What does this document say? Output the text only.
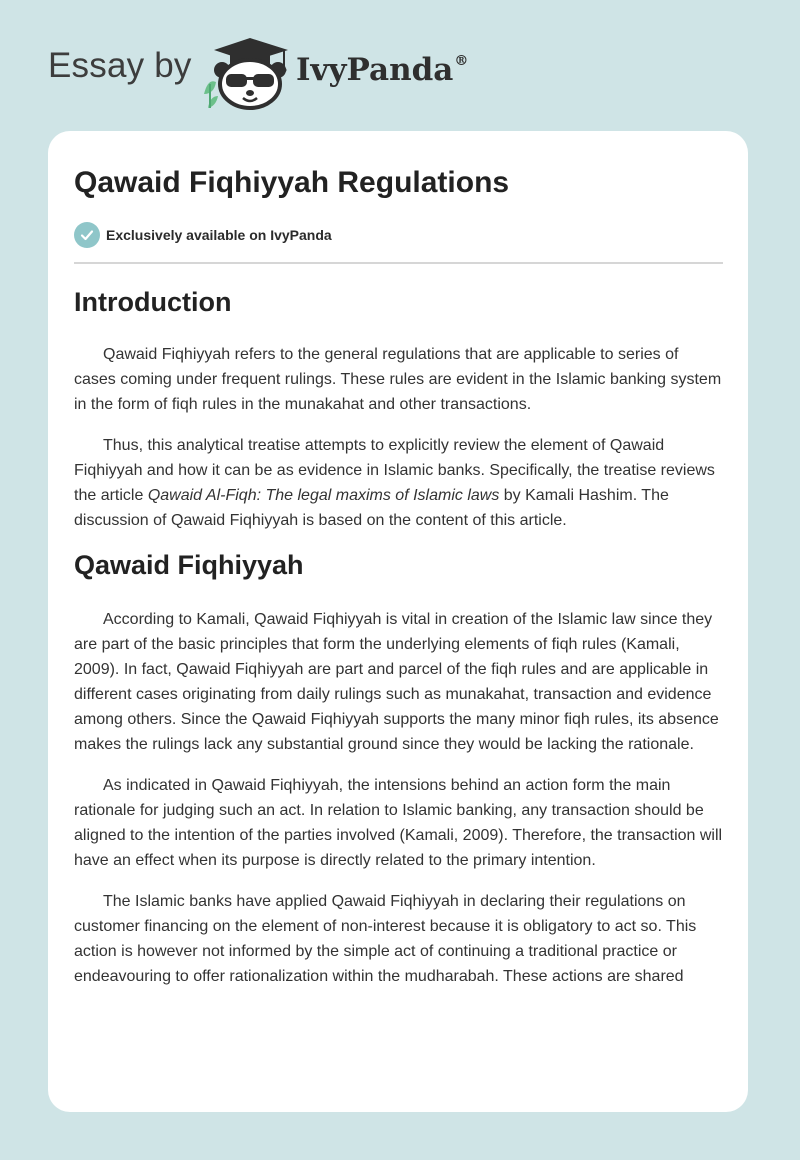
Essay by	IvyPanda®
Qawaid Fiqhiyyah Regulations
Exclusively available on IvyPanda
Introduction

Qawaid Fiqhiyyah refers to the general regulations that are applicable to series of cases coming under frequent rulings. These rules are evident in the Islamic banking system in the form of fiqh rules in the munakahat and other transactions.

Thus, this analytical treatise attempts to explicitly review the element of Qawaid Fiqhiyyah and how it can be as evidence in Islamic banks. Specifically, the treatise reviews the article Qawaid Al-Fiqh: The legal maxims of Islamic laws by Kamali Hashim. The discussion of Qawaid Fiqhiyyah is based on the content of this article.

Qawaid Fiqhiyyah

According to Kamali, Qawaid Fiqhiyyah is vital in creation of the Islamic law since they are part of the basic principles that form the underlying elements of fiqh rules (Kamali, 2009). In fact, Qawaid Fiqhiyyah are part and parcel of the fiqh rules and are applicable in different cases originating from daily rulings such as munakahat, transaction and evidence among others. Since the Qawaid Fiqhiyyah supports the many minor fiqh rules, its absence makes the rulings lack any substantial ground since they would be lacking the rationale.

As indicated in Qawaid Fiqhiyyah, the intensions behind an action form the main rationale for judging such an act. In relation to Islamic banking, any transaction should be aligned to the intention of the parties involved (Kamali, 2009). Therefore, the transaction will have an effect when its purpose is directly related to the primary intention.

The Islamic banks have applied Qawaid Fiqhiyyah in declaring their regulations on customer financing on the element of non-interest because it is obligatory to act so. This action is however not informed by the simple act of continuing a traditional practice or endeavouring to offer rationalization within the mudharabah. These actions are shared
